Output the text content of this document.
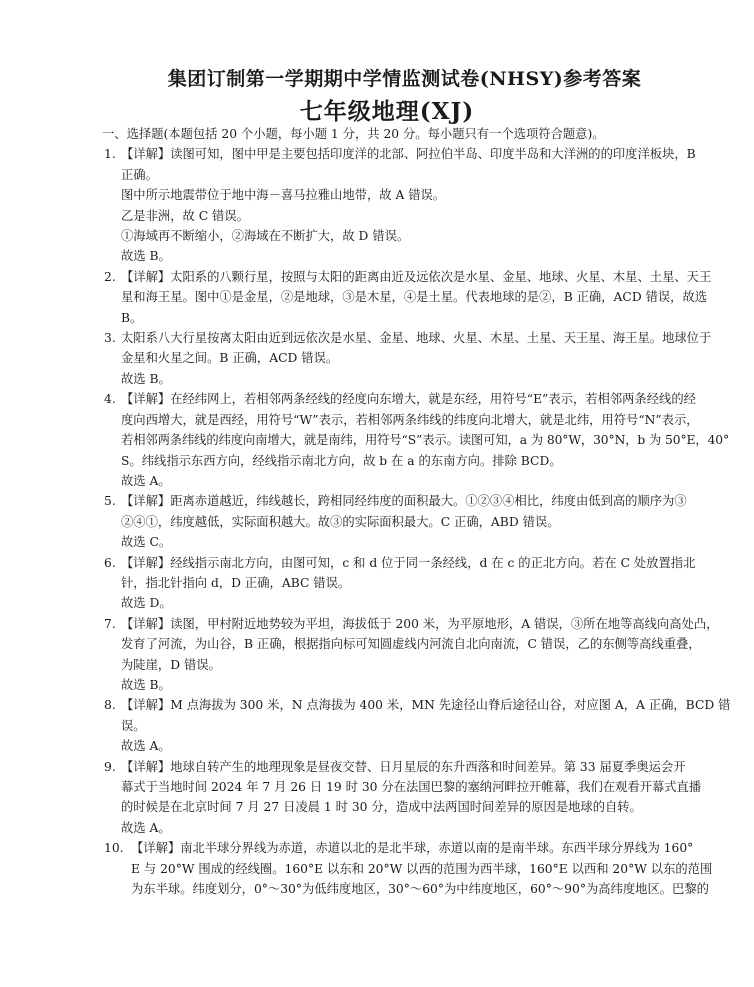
集团订制第一学期期中学情监测试卷(NHSY)参考答案
七年级地理(XJ)
一、选择题(本题包括 20 个小题，每小题 1 分，共 20 分。每小题只有一个选项符合题意)。
1. 【详解】读图可知，图中甲是主要包括印度洋的北部、阿拉伯半岛、印度半岛和大洋洲的的印度洋板块，B
正确。
图中所示地震带位于地中海－喜马拉雅山地带，故 A 错误。
乙是非洲，故 C 错误。
①海域再不断缩小，②海域在不断扩大，故 D 错误。
故选 B。
2. 【详解】太阳系的八颗行星，按照与太阳的距离由近及远依次是水星、金星、地球、火星、木星、土星、天王
星和海王星。图中①是金星，②是地球，③是木星，④是土星。代表地球的是②，B 正确，ACD 错误，故选
B。
3. 太阳系八大行星按离太阳由近到远依次是水星、金星、地球、火星、木星、土星、天王星、海王星。地球位于
金星和火星之间。B 正确，ACD 错误。
故选 B。
4. 【详解】在经纬网上，若相邻两条经线的经度向东增大，就是东经，用符号“E”表示，若相邻两条经线的经
度向西增大，就是西经，用符号“W”表示，若相邻两条纬线的纬度向北增大，就是北纬，用符号“N”表示，
若相邻两条纬线的纬度向南增大，就是南纬，用符号“S”表示。读图可知，a 为 80°W，30°N，b 为 50°E，40°
S。纬线指示东西方向，经线指示南北方向，故 b 在 a 的东南方向。排除 BCD。
故选 A。
5. 【详解】距离赤道越近，纬线越长，跨相同经纬度的面积最大。①②③④相比，纬度由低到高的顺序为③
②④①，纬度越低，实际面积越大。故③的实际面积最大。C 正确，ABD 错误。
故选 C。
6. 【详解】经线指示南北方向，由图可知，c 和 d 位于同一条经线，d 在 c 的正北方向。若在 C 处放置指北
针，指北针指向 d，D 正确，ABC 错误。
故选 D。
7. 【详解】读图，甲村附近地势较为平坦，海拔低于 200 米，为平原地形，A 错误，③所在地等高线向高处凸，
发育了河流，为山谷，B 正确，根据指向标可知圆虚线内河流自北向南流，C 错误，乙的东侧等高线重叠，
为陡崖，D 错误。
故选 B。
8. 【详解】M 点海拔为 300 米，N 点海拔为 400 米，MN 先途径山脊后途径山谷，对应图 A，A 正确，BCD 错
误。
故选 A。
9. 【详解】地球自转产生的地理现象是昼夜交替、日月星辰的东升西落和时间差异。第 33 届夏季奥运会开
幕式于当地时间 2024 年 7 月 26 日 19 时 30 分在法国巴黎的塞纳河畔拉开帷幕，我们在观看开幕式直播
的时候是在北京时间 7 月 27 日凌晨 1 时 30 分，造成中法两国时间差异的原因是地球的自转。
故选 A。
10. 【详解】南北半球分界线为赤道，赤道以北的是北半球，赤道以南的是南半球。东西半球分界线为 160°
E 与 20°W 围成的经线圈。160°E 以东和 20°W 以西的范围为西半球，160°E 以西和 20°W 以东的范围
为东半球。纬度划分，0°～30°为低纬度地区，30°～60°为中纬度地区，60°～90°为高纬度地区。巴黎的
